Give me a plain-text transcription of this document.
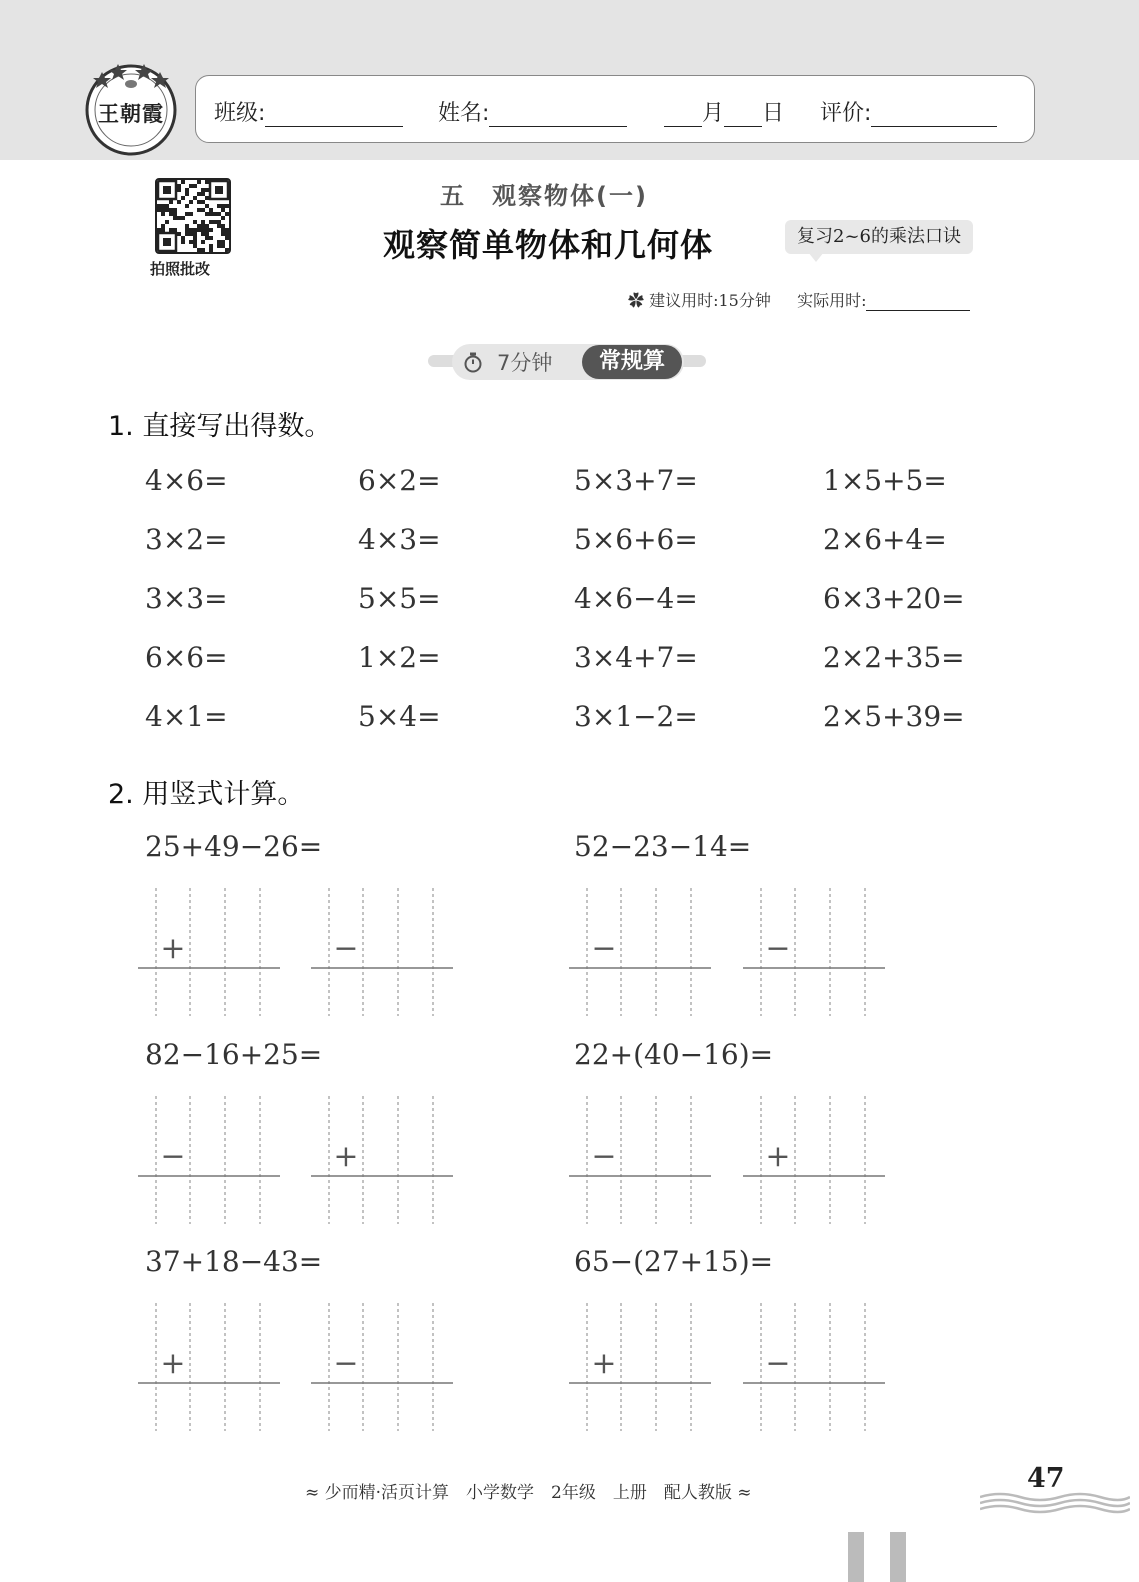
王朝霞	班级:	姓名:	月 日 评价:
拍照批改
五　观察物体(一)
观察简单物体和几何体	复习2~6的乘法口诀
✿ 建议用时:15分钟 实际用时:
7分钟	常规算
1. 直接写出得数。
4×6=	6×2=	5×3+7=	1×5+5=
3×2=	4×3=	5×6+6=	2×6+4=
3×3=	5×5=	4×6−4=	6×3+20=
6×6=	1×2=	3×4+7=	2×2+35=
4×1=	5×4=	3×1−2=	2×5+39=
2. 用竖式计算。
25+49−26=	52−23−14=
82−16+25=	22+(40−16)=
37+18−43=	65−(27+15)=
+	−	−	−
−	+	−	+
+	−	+	−
≈ 少而精·活页计算　小学数学　2年级　上册　配人教版 ≈	47
